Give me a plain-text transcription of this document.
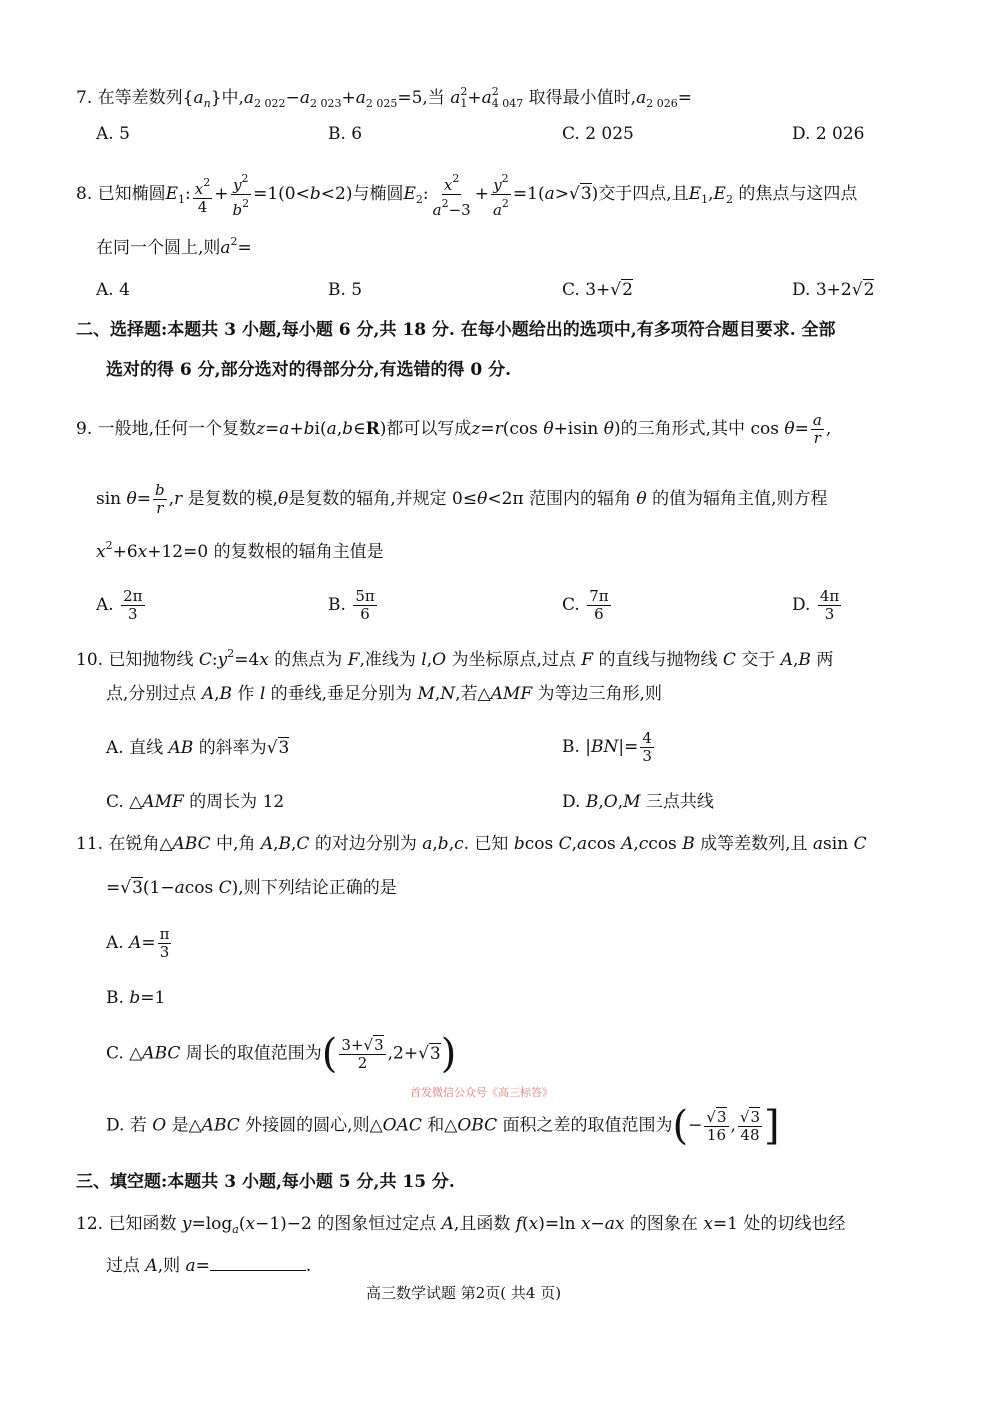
7. 在等差数列$\{a_n\}$中$,a_{2 022}-a_{2 023}+a_{2 025}=5$,当 $a^2_1+a^2_{4 047}$ 取得最小值时$,a_{2 026}=$
A. 5	B. 6	C. 2 025	D. 2 026
8. 已知椭圆$E_1$: $\frac{x^2}{4} + \frac{y^2}{b^2} =1(0<b<2)$与椭圆$E_2$: $\frac{x^2}{a^2-3} + \frac{y^2}{a^2} =1(a>√3)$交于四点,且$E_1,E_2$ 的焦点与这四点
在同一个圆上,则$a^2=$
A. 4	B. 5	C. 3+√2	D. 3+2√2
二、选择题:本题共 3 小题,每小题 6 分,共 18 分. 在每小题给出的选项中,有多项符合题目要求. 全部
选对的得 6 分,部分选对的得部分分,有选错的得 0 分.
9. 一般地,任何一个复数z=a+bi(a,b∈R)都可以写成z=r(cos θ+isin θ)的三角形式,其中 $\cos \theta= \frac{a}{r}$ ,
$\sin \theta= \frac{b}{r} ,r$ 是复数的模,θ是复数的辐角,并规定 0≤θ<2π 范围内的辐角 θ 的值为辐角主值,则方程
$x^2+6x+12=0$ 的复数根的辐角主值是
A. $\frac{2\pi}{3}$	B. $\frac{5\pi}{6}$	C. $\frac{7\pi}{6}$	D. $\frac{4\pi}{3}$
10. 已知抛物线 $C:y^2=4x$ 的焦点为 F,准线为 l,O 为坐标原点,过点 F 的直线与抛物线 C 交于 A,B 两
点,分别过点 A,B 作 l 的垂线,垂足分别为 M,N,若△AMF 为等边三角形,则
A. 直线 AB 的斜率为√3	B. $|BN|= \frac{4}{3}$
C. △AMF 的周长为 12	D. B,O,M 三点共线
11. 在锐角△ABC 中,角 A,B,C 的对边分别为 a,b,c. 已知 bcos C,acos A,ccos B 成等差数列,且 asin C
=√3(1−acos C),则下列结论正确的是
A. $A= \frac{\pi}{3}$
B. b=1
C. △ABC 周长的取值范围为( $\frac{3+√3}{2} ,2+√3$)
首发微信公众号《高三标答》
D. 若 O 是△ABC 外接圆的圆心,则△OAC 和△OBC 面积之差的取值范围为(− $\frac{√3}{16}$ , $\frac{√3}{48}$ ]
三、填空题:本题共 3 小题,每小题 5 分,共 15 分.
12. 已知函数 $y=\log_a(x-1)-2$ 的图象恒过定点 A,且函数 f(x)=ln x−ax 的图象在 x=1 处的切线也经
过点 A,则 a=	.
高三数学试题 第2页( 共4 页)
